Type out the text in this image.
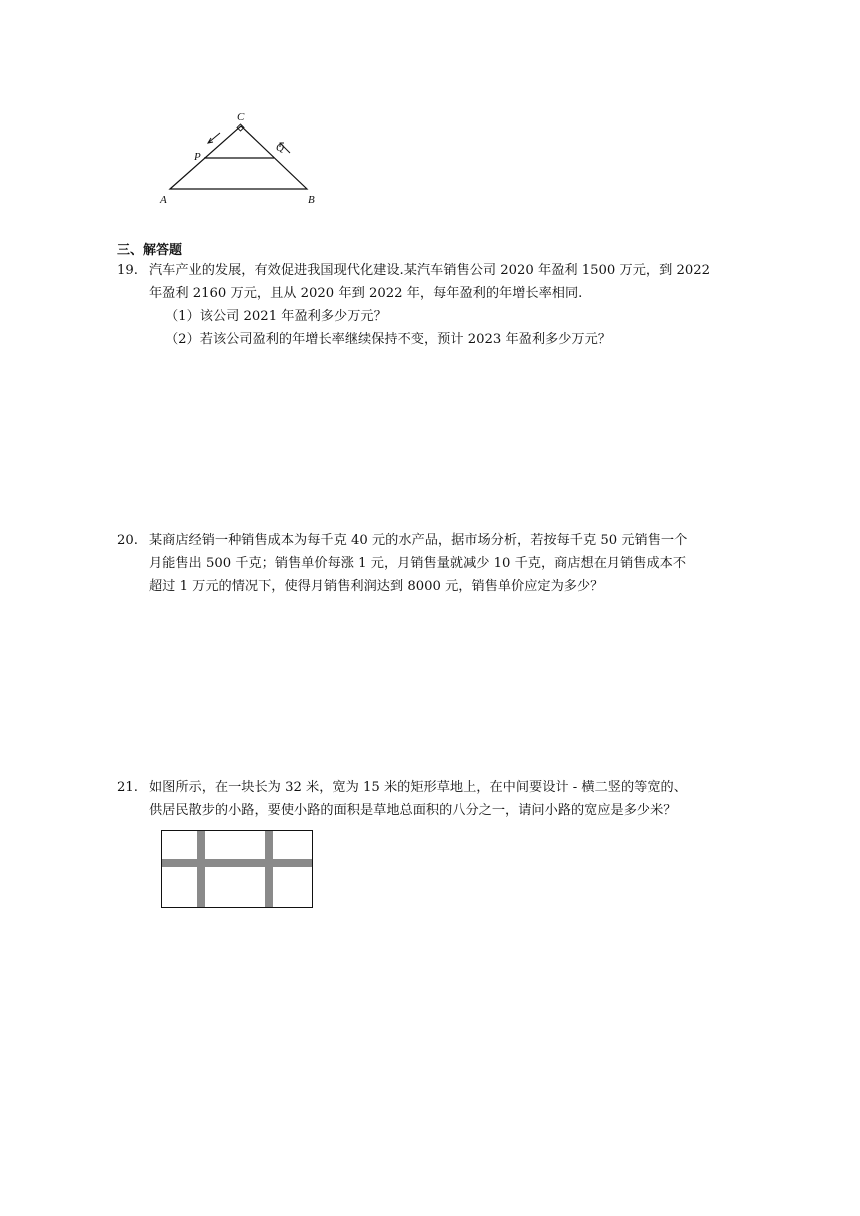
C
P
Q
A	B
三、解答题
19. 汽车产业的发展，有效促进我国现代化建设.某汽车销售公司 2020 年盈利 1500 万元，到 2022
年盈利 2160 万元，且从 2020 年到 2022 年，每年盈利的年增长率相同.
（1）该公司 2021 年盈利多少万元？
（2）若该公司盈利的年增长率继续保持不变，预计 2023 年盈利多少万元？
20. 某商店经销一种销售成本为每千克 40 元的水产品，据市场分析，若按每千克 50 元销售一个
月能售出 500 千克；销售单价每涨 1 元，月销售量就减少 10 千克，商店想在月销售成本不
超过 1 万元的情况下，使得月销售利润达到 8000 元，销售单价应定为多少？
21. 如图所示，在一块长为 32 米，宽为 15 米的矩形草地上，在中间要设计 - 横二竖的等宽的、
供居民散步的小路，要使小路的面积是草地总面积的八分之一，请问小路的宽应是多少米？
